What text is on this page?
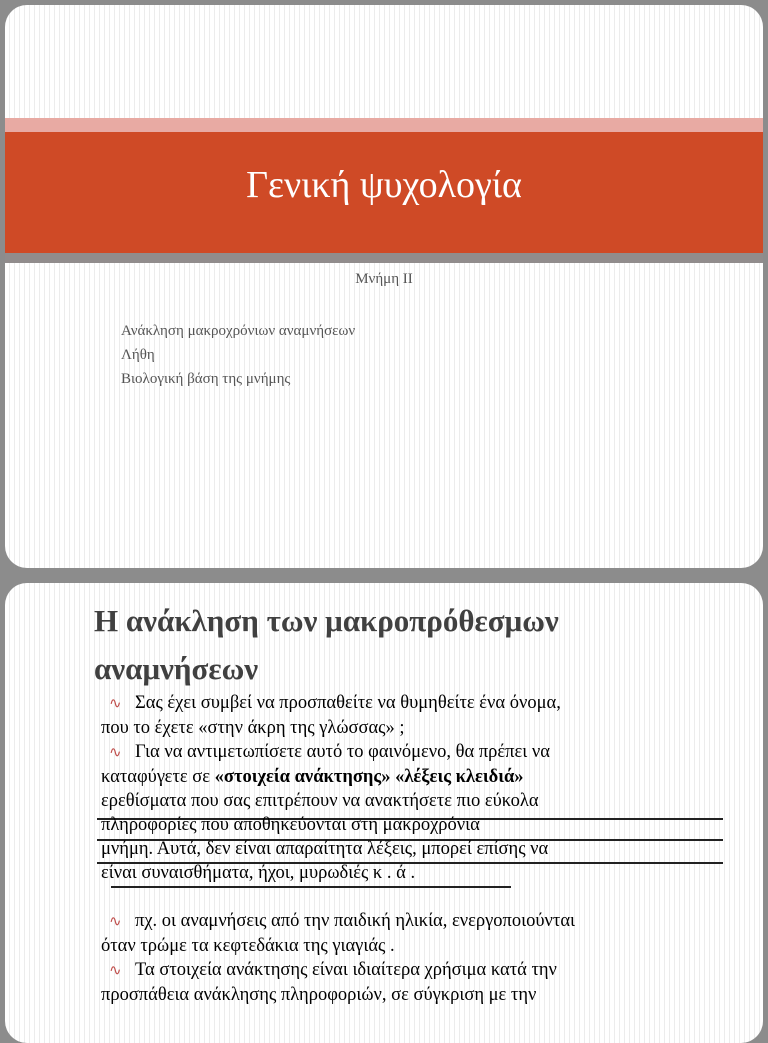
Γενική ψυχολογία
Μνήμη ΙΙ
Ανάκληση μακροχρόνιων αναμνήσεων
Λήθη
Βιολογική βάση της μνήμης
Η ανάκληση των μακροπρόθεσμων αναμνήσεων
∿ Σας έχει συμβεί να προσπαθείτε να θυμηθείτε ένα όνομα,
που το έχετε «στην άκρη της γλώσσας» ;
∿ Για να αντιμετωπίσετε αυτό το φαινόμενο, θα πρέπει να
καταφύγετε σε «στοιχεία ανάκτησης» «λέξεις κλειδιά»
ερεθίσματα που σας επιτρέπουν να ανακτήσετε πιο εύκολα
πληροφορίες που αποθηκεύονται στη μακροχρόνια
μνήμη. Αυτά, δεν είναι απαραίτητα λέξεις, μπορεί επίσης να
είναι συναισθήματα, ήχοι, μυρωδιές κ . ά .
∿ πχ. οι αναμνήσεις από την παιδική ηλικία, ενεργοποιούνται
όταν τρώμε τα κεφτεδάκια της γιαγιάς .
∿ Τα στοιχεία ανάκτησης είναι ιδιαίτερα χρήσιμα κατά την
προσπάθεια ανάκλησης πληροφοριών, σε σύγκριση με την
